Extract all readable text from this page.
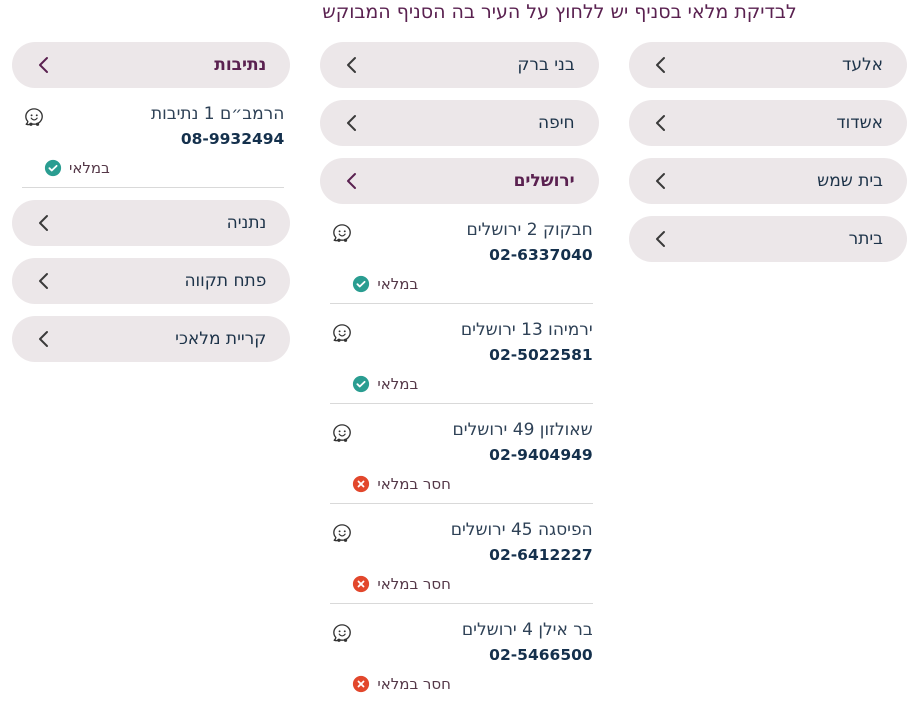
לבדיקת מלאי בסניף יש ללחוץ על העיר בה הסניף המבוקש
אלעד
אשדוד
בית שמש
ביתר
בני ברק
חיפה
ירושלים
חבקוק 2 ירושלים
02-6337040
במלאי
ירמיהו 13 ירושלים
02-5022581
במלאי
שאולזון 49 ירושלים
02-9404949
חסר במלאי
הפיסגה 45 ירושלים
02-6412227
חסר במלאי
בר אילן 4 ירושלים
02-5466500
חסר במלאי
נתיבות
הרמב״ם 1 נתיבות
08-9932494
במלאי
נתניה
פתח תקווה
קריית מלאכי
